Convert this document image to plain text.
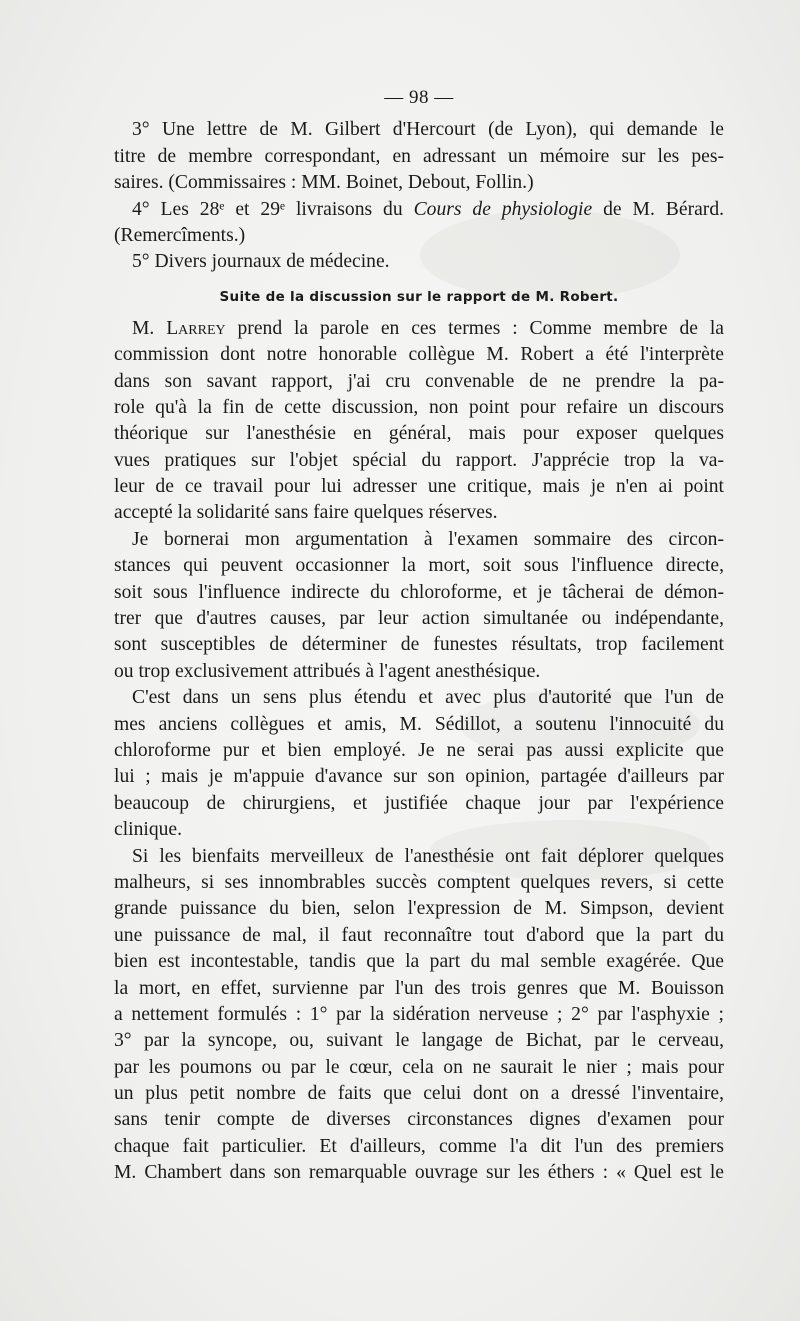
— 98 —
3° Une lettre de M. Gilbert d'Hercourt (de Lyon), qui demande le
titre de membre correspondant, en adressant un mémoire sur les pes-
saires. (Commissaires : MM. Boinet, Debout, Follin.)
4° Les 28ᵉ et 29ᵉ livraisons du Cours de physiologie de M. Bérard.
(Remercîments.)
5° Divers journaux de médecine.
Suite de la discussion sur le rapport de M. Robert.
M. Larrey prend la parole en ces termes : Comme membre de la
commission dont notre honorable collègue M. Robert a été l'interprète
dans son savant rapport, j'ai cru convenable de ne prendre la pa-
role qu'à la fin de cette discussion, non point pour refaire un discours
théorique sur l'anesthésie en général, mais pour exposer quelques
vues pratiques sur l'objet spécial du rapport. J'apprécie trop la va-
leur de ce travail pour lui adresser une critique, mais je n'en ai point
accepté la solidarité sans faire quelques réserves.
Je bornerai mon argumentation à l'examen sommaire des circon-
stances qui peuvent occasionner la mort, soit sous l'influence directe,
soit sous l'influence indirecte du chloroforme, et je tâcherai de démon-
trer que d'autres causes, par leur action simultanée ou indépendante,
sont susceptibles de déterminer de funestes résultats, trop facilement
ou trop exclusivement attribués à l'agent anesthésique.
C'est dans un sens plus étendu et avec plus d'autorité que l'un de
mes anciens collègues et amis, M. Sédillot, a soutenu l'innocuité du
chloroforme pur et bien employé. Je ne serai pas aussi explicite que
lui ; mais je m'appuie d'avance sur son opinion, partagée d'ailleurs par
beaucoup de chirurgiens, et justifiée chaque jour par l'expérience
clinique.
Si les bienfaits merveilleux de l'anesthésie ont fait déplorer quelques
malheurs, si ses innombrables succès comptent quelques revers, si cette
grande puissance du bien, selon l'expression de M. Simpson, devient
une puissance de mal, il faut reconnaître tout d'abord que la part du
bien est incontestable, tandis que la part du mal semble exagérée. Que
la mort, en effet, survienne par l'un des trois genres que M. Bouisson
a nettement formulés : 1° par la sidération nerveuse ; 2° par l'asphyxie ;
3° par la syncope, ou, suivant le langage de Bichat, par le cerveau,
par les poumons ou par le cœur, cela on ne saurait le nier ; mais pour
un plus petit nombre de faits que celui dont on a dressé l'inventaire,
sans tenir compte de diverses circonstances dignes d'examen pour
chaque fait particulier. Et d'ailleurs, comme l'a dit l'un des premiers
M. Chambert dans son remarquable ouvrage sur les éthers : « Quel est le
